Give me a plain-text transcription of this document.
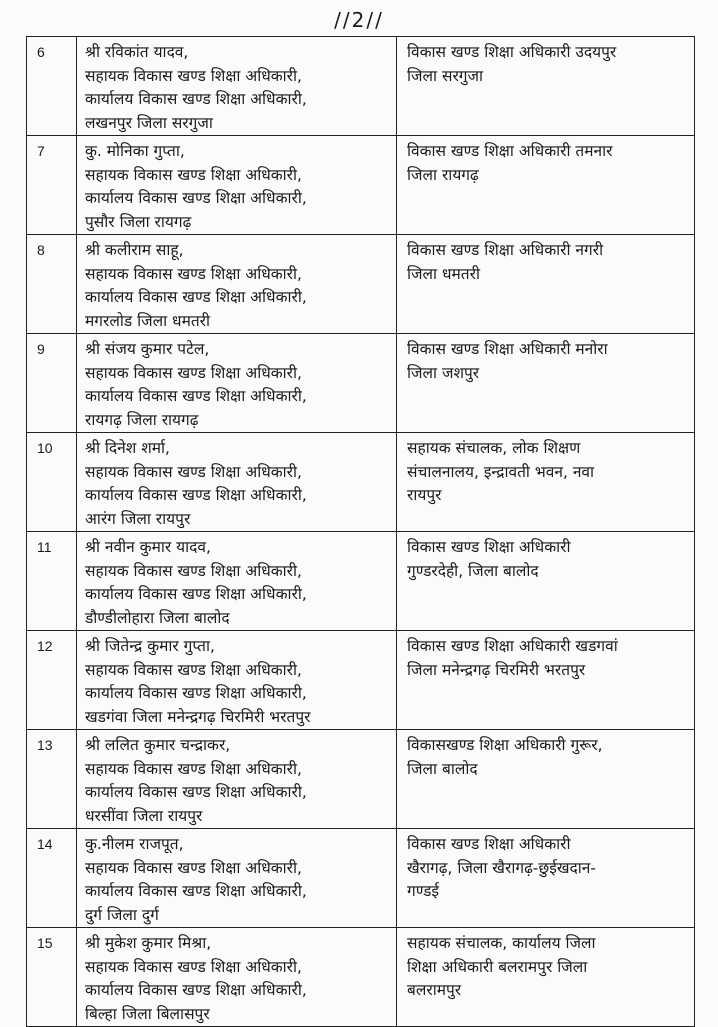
//2//
6	श्री रविकांत यादव,
सहायक विकास खण्ड शिक्षा अधिकारी,
कार्यालय विकास खण्ड शिक्षा अधिकारी,
लखनपुर जिला सरगुजा	विकास खण्ड शिक्षा अधिकारी उदयपुर
जिला सरगुजा

7	कु. मोनिका गुप्ता,
सहायक विकास खण्ड शिक्षा अधिकारी,
कार्यालय विकास खण्ड शिक्षा अधिकारी,
पुसौर जिला रायगढ़	विकास खण्ड शिक्षा अधिकारी तमनार
जिला रायगढ़

8	श्री कलीराम साहू,
सहायक विकास खण्ड शिक्षा अधिकारी,
कार्यालय विकास खण्ड शिक्षा अधिकारी,
मगरलोड जिला धमतरी	विकास खण्ड शिक्षा अधिकारी नगरी
जिला धमतरी

9	श्री संजय कुमार पटेल,
सहायक विकास खण्ड शिक्षा अधिकारी,
कार्यालय विकास खण्ड शिक्षा अधिकारी,
रायगढ़ जिला रायगढ़	विकास खण्ड शिक्षा अधिकारी मनोरा
जिला जशपुर

10	श्री दिनेश शर्मा,
सहायक विकास खण्ड शिक्षा अधिकारी,
कार्यालय विकास खण्ड शिक्षा अधिकारी,
आरंग जिला रायपुर	सहायक संचालक, लोक शिक्षण
संचालनालय, इन्द्रावती भवन, नवा
रायपुर

11	श्री नवीन कुमार यादव,
सहायक विकास खण्ड शिक्षा अधिकारी,
कार्यालय विकास खण्ड शिक्षा अधिकारी,
डौण्डीलोहारा जिला बालोद	विकास खण्ड शिक्षा अधिकारी
गुण्डरदेही, जिला बालोद

12	श्री जितेन्द्र कुमार गुप्ता,
सहायक विकास खण्ड शिक्षा अधिकारी,
कार्यालय विकास खण्ड शिक्षा अधिकारी,
खडगंवा जिला मनेन्द्रगढ़ चिरमिरी भरतपुर	विकास खण्ड शिक्षा अधिकारी खडगवां
जिला मनेन्द्रगढ़ चिरमिरी भरतपुर

13	श्री ललित कुमार चन्द्राकर,
सहायक विकास खण्ड शिक्षा अधिकारी,
कार्यालय विकास खण्ड शिक्षा अधिकारी,
धरसींवा जिला रायपुर	विकासखण्ड शिक्षा अधिकारी गुरूर,
जिला बालोद

14	कु.नीलम राजपूत,
सहायक विकास खण्ड शिक्षा अधिकारी,
कार्यालय विकास खण्ड शिक्षा अधिकारी,
दुर्ग जिला दुर्ग	विकास खण्ड शिक्षा अधिकारी
खैरागढ़, जिला खैरागढ़-छुईखदान-
गण्डई

15	श्री मुकेश कुमार मिश्रा,
सहायक विकास खण्ड शिक्षा अधिकारी,
कार्यालय विकास खण्ड शिक्षा अधिकारी,
बिल्हा जिला बिलासपुर	सहायक संचालक, कार्यालय जिला
शिक्षा अधिकारी बलरामपुर जिला
बलरामपुर
